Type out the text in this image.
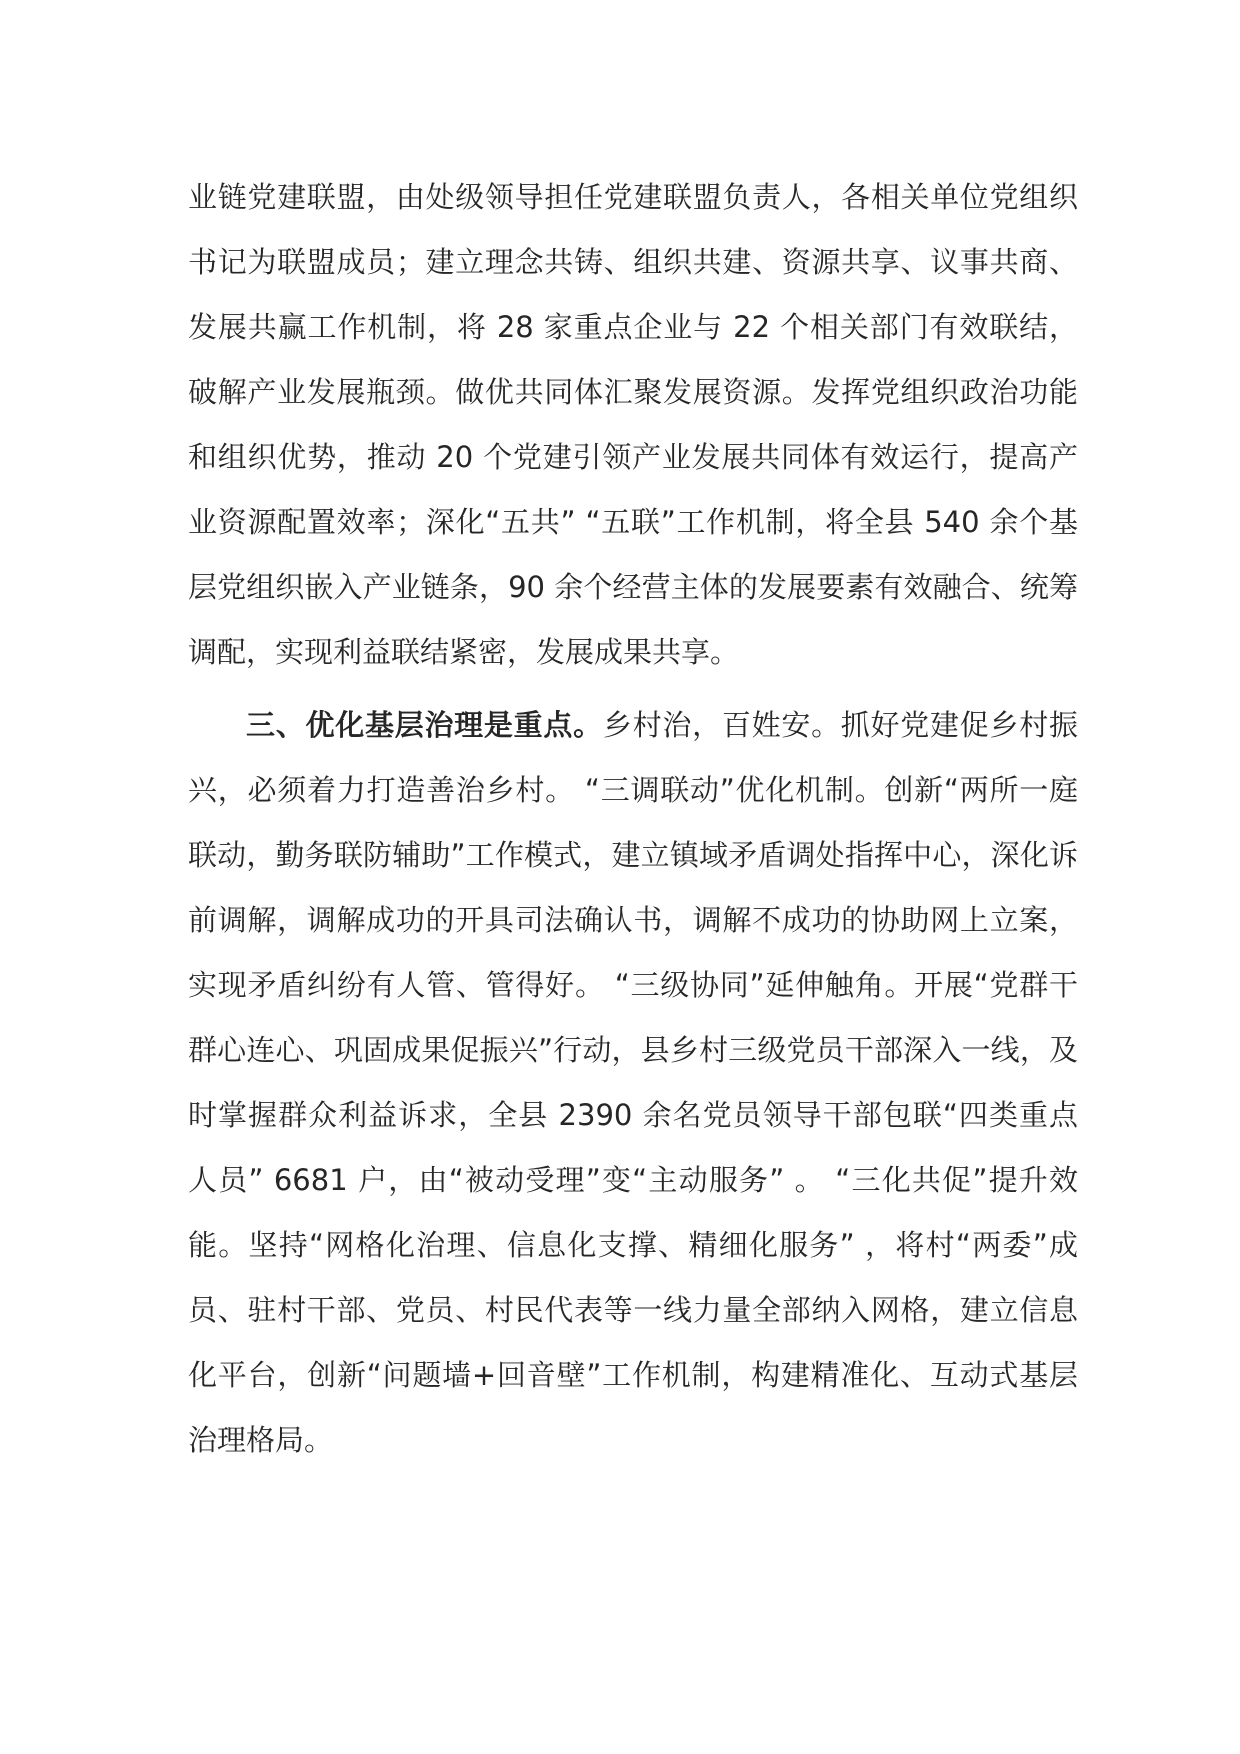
业链党建联盟，由处级领导担任党建联盟负责人，各相关单位党组织书记为联盟成员；建立理念共铸、组织共建、资源共享、议事共商、发展共赢工作机制，将 28 家重点企业与 22 个相关部门有效联结，破解产业发展瓶颈。做优共同体汇聚发展资源。发挥党组织政治功能和组织优势，推动 20 个党建引领产业发展共同体有效运行，提高产业资源配置效率；深化“五共” “五联”工作机制，将全县 540 余个基层党组织嵌入产业链条，90 余个经营主体的发展要素有效融合、统筹调配，实现利益联结紧密，发展成果共享。

三、优化基层治理是重点。乡村治，百姓安。抓好党建促乡村振兴，必须着力打造善治乡村。 “三调联动”优化机制。创新“两所一庭联动，勤务联防辅助”工作模式，建立镇域矛盾调处指挥中心，深化诉前调解，调解成功的开具司法确认书，调解不成功的协助网上立案，实现矛盾纠纷有人管、管得好。 “三级协同”延伸触角。开展“党群干群心连心、巩固成果促振兴”行动，县乡村三级党员干部深入一线，及时掌握群众利益诉求，全县 2390 余名党员领导干部包联“四类重点人员” 6681 户，由“被动受理”变“主动服务” 。 “三化共促”提升效能。坚持“网格化治理、信息化支撑、精细化服务” ，将村“两委”成员、驻村干部、党员、村民代表等一线力量全部纳入网格，建立信息化平台，创新“问题墙+回音壁”工作机制，构建精准化、互动式基层治理格局。
